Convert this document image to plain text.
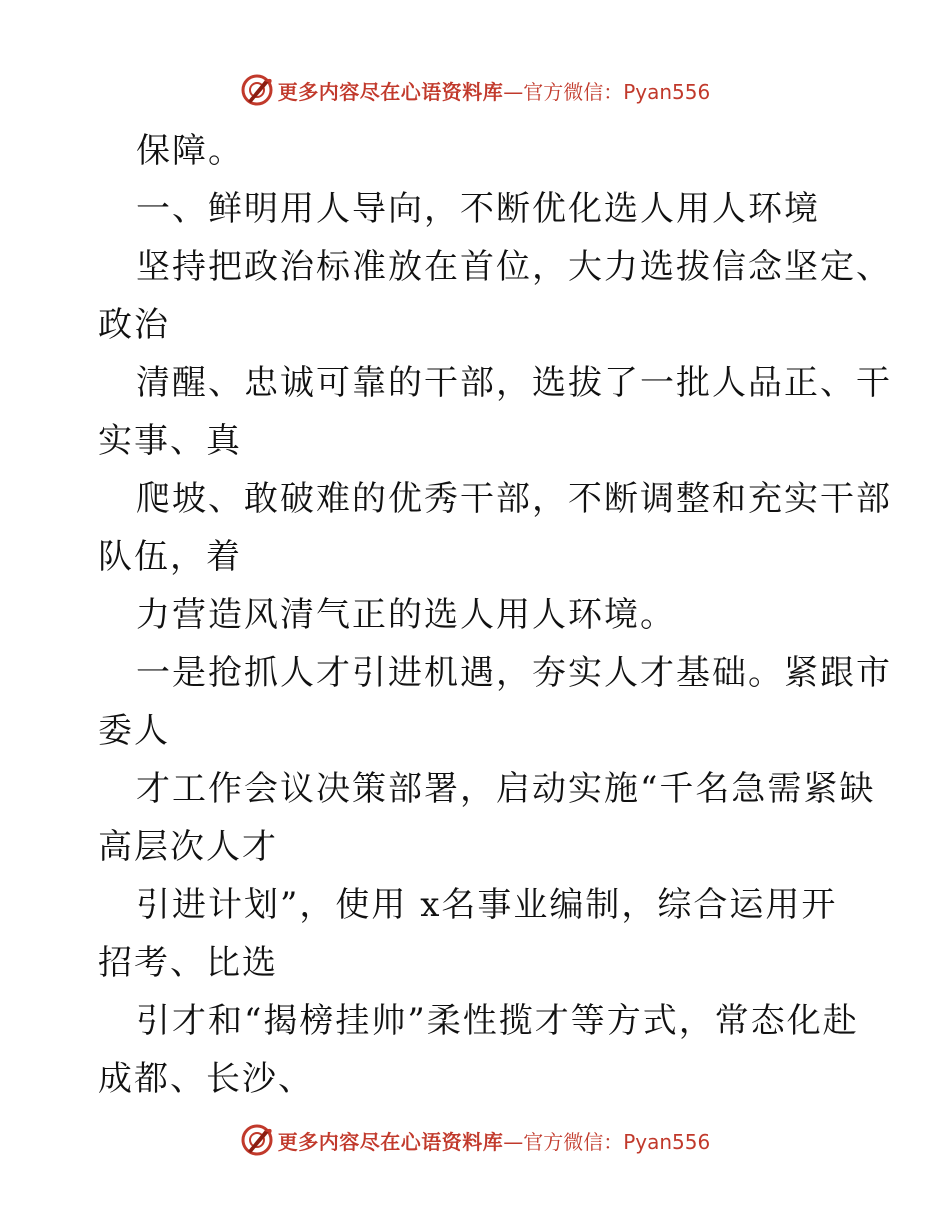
更多内容尽在心语资料库 —官方微信：Pyan556
保障。
一、鲜明用人导向，不断优化选人用人环境
坚持把政治标准放在首位，大力选拔信念坚定、
政治
清醒、忠诚可靠的干部，选拔了一批人品正、干
实事、真
爬坡、敢破难的优秀干部，不断调整和充实干部
队伍，着
力营造风清气正的选人用人环境。
一是抢抓人才引进机遇，夯实人才基础。紧跟市
委人
才工作会议决策部署，启动实施“千名急需紧缺
高层次人才
引进计划”，使用 x名事业编制，综合运用开
招考、比选
引才和“揭榜挂帅”柔性揽才等方式，常态化赴
成都、长沙、
更多内容尽在心语资料库 —官方微信：Pyan556
